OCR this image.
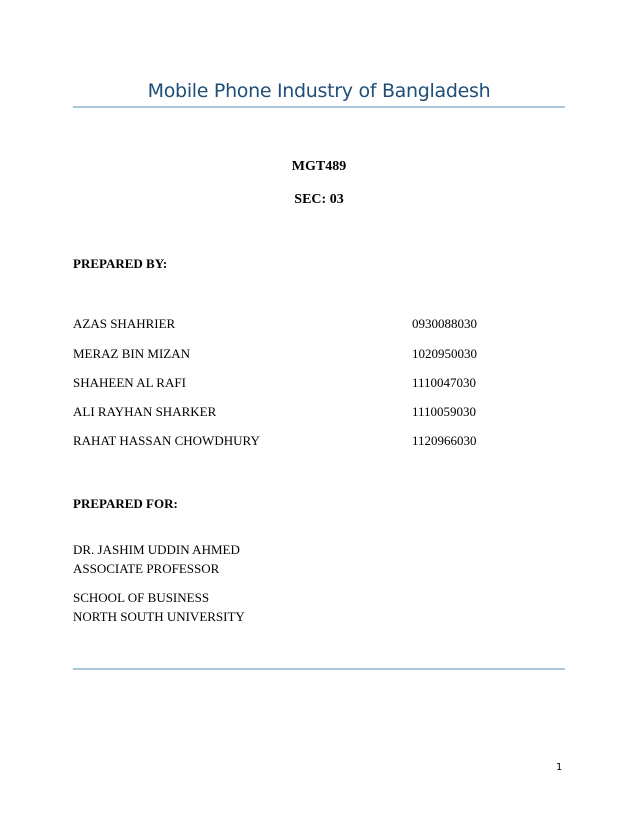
Mobile Phone Industry of Bangladesh
MGT489
SEC: 03
PREPARED BY:
AZAS SHAHRIER	0930088030
MERAZ BIN MIZAN	1020950030
SHAHEEN AL RAFI	1110047030
ALI RAYHAN SHARKER	1110059030
RAHAT HASSAN CHOWDHURY	1120966030
PREPARED FOR:
DR. JASHIM UDDIN AHMED
ASSOCIATE PROFESSOR
SCHOOL OF BUSINESS
NORTH SOUTH UNIVERSITY
1
